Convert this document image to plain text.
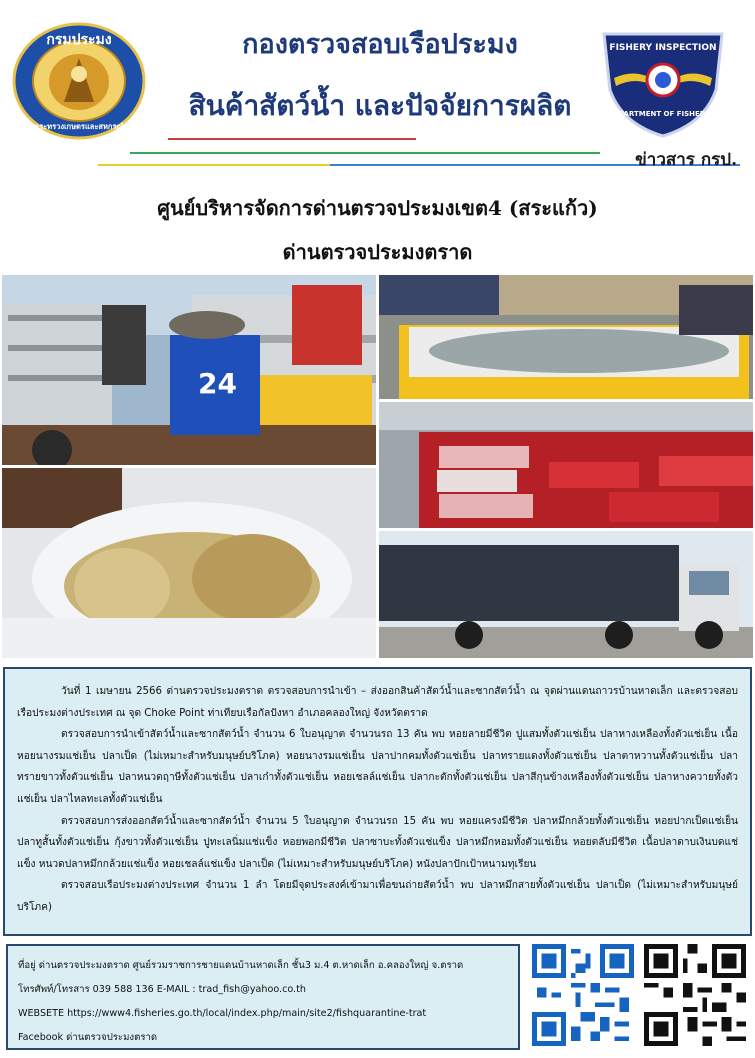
กรมประมง
กระทรวงเกษตรและสหกรณ์
กองตรวจสอบเรือประมง
สินค้าสัตว์น้ำ และปัจจัยการผลิต
FISHERY INSPECTION
DEPARTMENT OF FISHERIES
ข่าวสาร กรป.
ศูนย์บริหารจัดการด่านตรวจประมงเขต4 (สระแก้ว)
ด่านตรวจประมงตราด
24

วันที่ 1 เมษายน 2566 ด่านตรวจประมงตราด ตรวจสอบการนำเข้า – ส่งออกสินค้าสัตว์น้ำและซากสัตว์น้ำ ณ จุดผ่านแดนถาวรบ้านหาดเล็ก และตรวจสอบเรือประมงต่างประเทศ ณ จุด Choke Point ท่าเทียบเรือกัลปังหา อำเภอคลองใหญ่ จังหวัดตราด

ตรวจสอบการนำเข้าสัตว์น้ำและซากสัตว์น้ำ จำนวน 6 ใบอนุญาต จำนวนรถ 13 คัน พบ หอยลายมีชีวิต ปูแสมทั้งตัวแช่เย็น ปลาหางเหลืองทั้งตัวแช่เย็น เนื้อหอยนางรมแช่เย็น ปลาเป็ด (ไม่เหมาะสำหรับมนุษย์บริโภค) หอยนางรมแช่เย็น ปลาปากคมทั้งตัวแช่เย็น ปลาทรายแดงทั้งตัวแช่เย็น ปลาตาหวานทั้งตัวแช่เย็น ปลาทรายขาวทั้งตัวแช่เย็น ปลาหนวดฤาษีทั้งตัวแช่เย็น ปลาเก๋าทั้งตัวแช่เย็น หอยเชลล์แช่เย็น ปลากะตักทั้งตัวแช่เย็น ปลาสีกุนข้างเหลืองทั้งตัวแช่เย็น ปลาหางควายทั้งตัวแช่เย็น ปลาไหลทะเลทั้งตัวแช่เย็น

ตรวจสอบการส่งออกสัตว์น้ำและซากสัตว์น้ำ จำนวน 5 ใบอนุญาต จำนวนรถ 15 คัน พบ หอยแครงมีชีวิต ปลาหมึกกล้วยทั้งตัวแช่เย็น หอยปากเป็ดแช่เย็น ปลาทูสั้นทั้งตัวแช่เย็น กุ้งขาวทั้งตัวแช่เย็น ปูทะเลนิ่มแช่แข็ง หอยพอกมีชีวิต ปลาซาบะทั้งตัวแช่แข็ง ปลาหมึกหอมทั้งตัวแช่เย็น หอยตลับมีชีวิต เนื้อปลาดาบเงินบดแช่แข็ง หนวดปลาหมึกกล้วยแช่แข็ง หอยเชลล์แช่แข็ง ปลาเป็ด (ไม่เหมาะสำหรับมนุษย์บริโภค) หนังปลาปักเป้าหนามทุเรียน

ตรวจสอบเรือประมงต่างประเทศ จำนวน 1 ลำ โดยมีจุดประสงค์เข้ามาเพื่อขนถ่ายสัตว์น้ำ พบ ปลาหมึกสายทั้งตัวแช่เย็น ปลาเป็ด (ไม่เหมาะสำหรับมนุษย์บริโภค)

ที่อยู่ ด่านตรวจประมงตราด ศูนย์รวมราชการชายแดนบ้านหาดเล็ก ชั้น3 ม.4 ต.หาดเล็ก อ.คลองใหญ่ จ.ตราด
โทรศัพท์/โทรสาร 039 588 136 E-MAIL : trad_fish@yahoo.co.th
WEBSETE https://www4.fisheries.go.th/local/index.php/main/site2/fishquarantine-trat
Facebook ด่านตรวจประมงตราด
